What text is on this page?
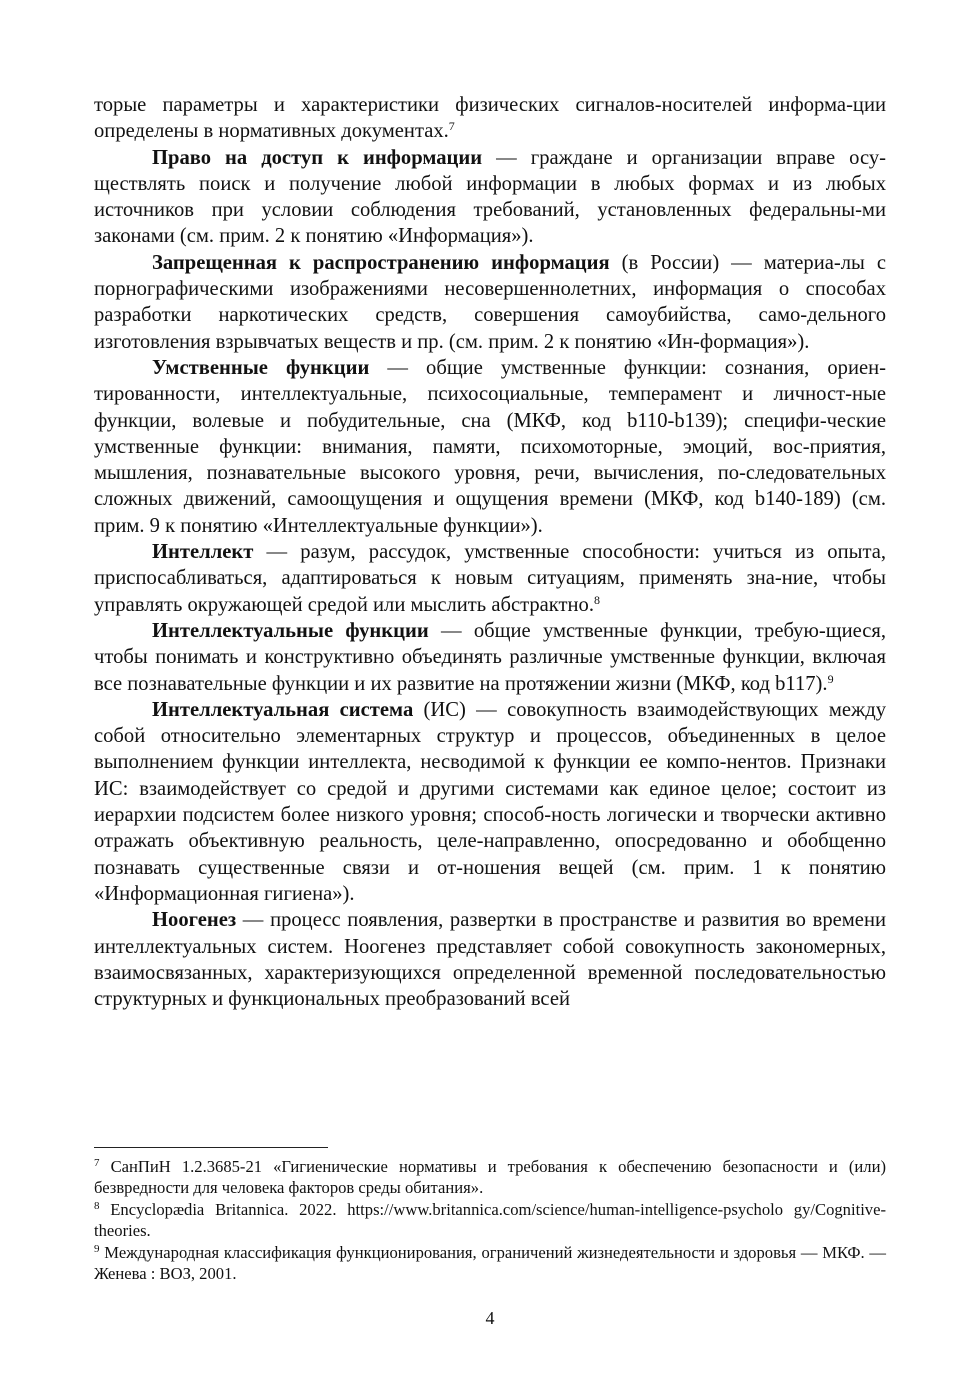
торые параметры и характеристики физических сигналов-носителей информа-ции определены в нормативных документах.$^7$

Право на доступ к информации — граждане и организации вправе осу-ществлять поиск и получение любой информации в любых формах и из любых источников при условии соблюдения требований, установленных федеральны-ми законами (см. прим. 2 к понятию «Информация»).

Запрещенная к распространению информация (в России) — материа-лы с порнографическими изображениями несовершеннолетних, информация о способах разработки наркотических средств, совершения самоубийства, само-дельного изготовления взрывчатых веществ и пр. (см. прим. 2 к понятию «Ин-формация»).

Умственные функции — общие умственные функции: сознания, ориен-тированности, интеллектуальные, психосоциальные, темперамент и личност-ные функции, волевые и побудительные, сна (МКФ, код b110-b139); специфи-ческие умственные функции: внимания, памяти, психомоторные, эмоций, вос-приятия, мышления, познавательные высокого уровня, речи, вычисления, по-следовательных сложных движений, самоощущения и ощущения времени (МКФ, код b140-189) (см. прим. 9 к понятию «Интеллектуальные функции»).

Интеллект — разум, рассудок, умственные способности: учиться из опыта, приспосабливаться, адаптироваться к новым ситуациям, применять зна-ние, чтобы управлять окружающей средой или мыслить абстрактно.$^8$

Интеллектуальные функции — общие умственные функции, требую-щиеся, чтобы понимать и конструктивно объединять различные умственные функции, включая все познавательные функции и их развитие на протяжении жизни (МКФ, код b117).$^9$

Интеллектуальная система (ИС) — совокупность взаимодействующих между собой относительно элементарных структур и процессов, объединенных в целое выполнением функции интеллекта, несводимой к функции ее компо-нентов. Признаки ИС: взаимодействует со средой и другими системами как единое целое; состоит из иерархии подсистем более низкого уровня; способ-ность логически и творчески активно отражать объективную реальность, целе-направленно, опосредованно и обобщенно познавать существенные связи и от-ношения вещей (см. прим. 1 к понятию «Информационная гигиена»).

Ноогенез — процесс появления, развертки в пространстве и развития во времени интеллектуальных систем. Ноогенез представляет собой совокупность закономерных, взаимосвязанных, характеризующихся определенной временной последовательностью структурных и функциональных преобразований всей

$^7$ СанПиН 1.2.3685-21 «Гигиенические нормативы и требования к обеспечению безопасности и (или) безвредности для человека факторов среды обитания».

$^8$ Encyclopædia Britannica. 2022. https://www.britannica.com/science/human-intelligence-psycholo gy/Cognitive-theories.

$^9$ Международная классификация функционирования, ограничений жизнедеятельности и здоровья — МКФ. — Женева : ВОЗ, 2001.

4
